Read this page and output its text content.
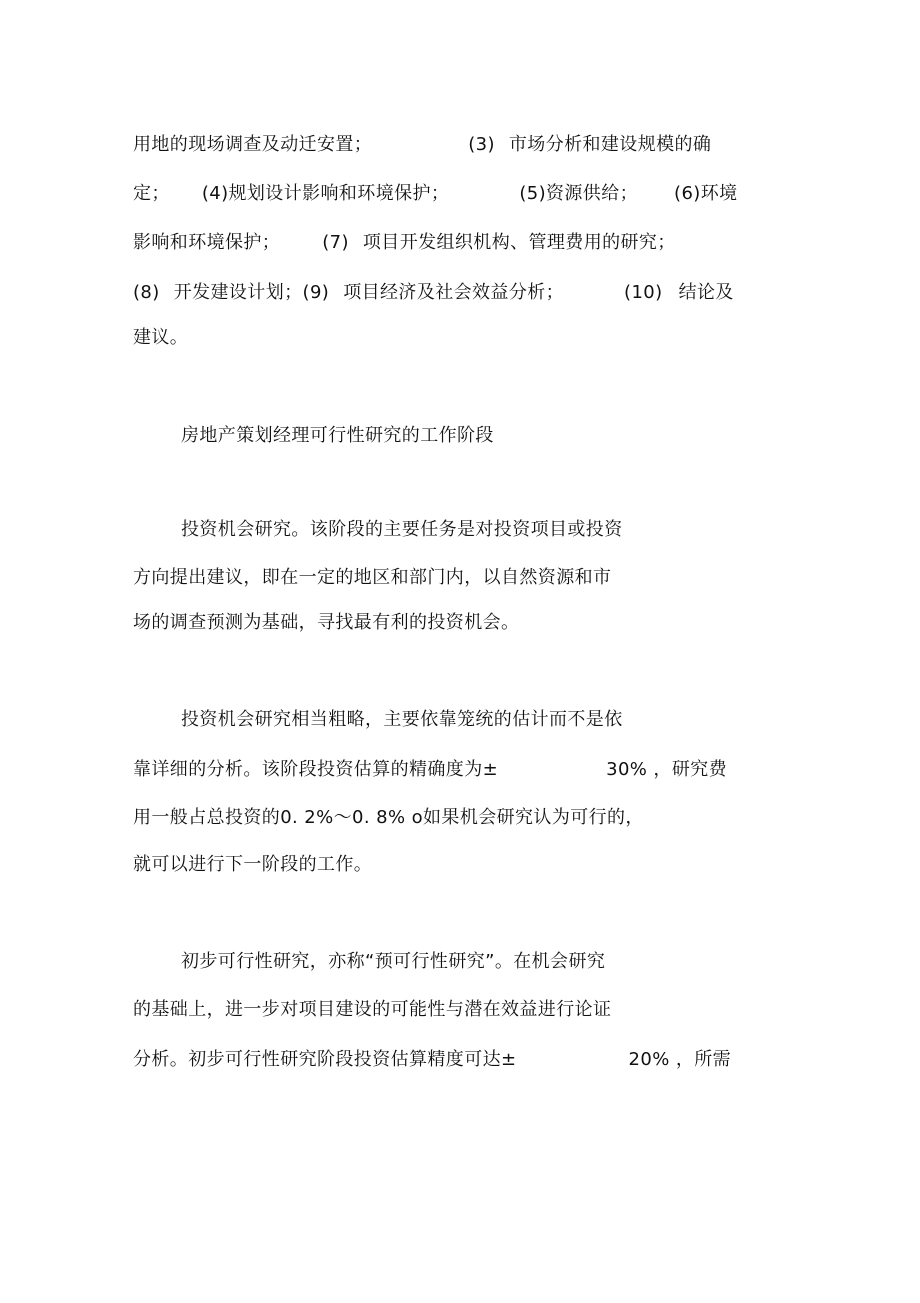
用地的现场调查及动迁安置；	(3) 市场分析和建设规模的确
定； (4)规划设计影响和环境保护；	(5)资源供给； (6)环境
影响和环境保护； (7) 项目开发组织机构、管理费用的研究；
(8) 开发建设计划；(9) 项目经济及社会效益分析；	(10) 结论及
建议。
房地产策划经理可行性研究的工作阶段
投资机会研究。该阶段的主要任务是对投资项目或投资
方向提出建议，即在一定的地区和部门内，以自然资源和市
场的调查预测为基础，寻找最有利的投资机会。
投资机会研究相当粗略，主要依靠笼统的估计而不是依
靠详细的分析。该阶段投资估算的精确度为±	30% ，研究费
用一般占总投资的0. 2%～0. 8% o如果机会研究认为可行的，
就可以进行下一阶段的工作。
初步可行性研究，亦称“预可行性研究”。在机会研究
的基础上，进一步对项目建设的可能性与潜在效益进行论证
分析。初步可行性研究阶段投资估算精度可达±	20% ，所需
